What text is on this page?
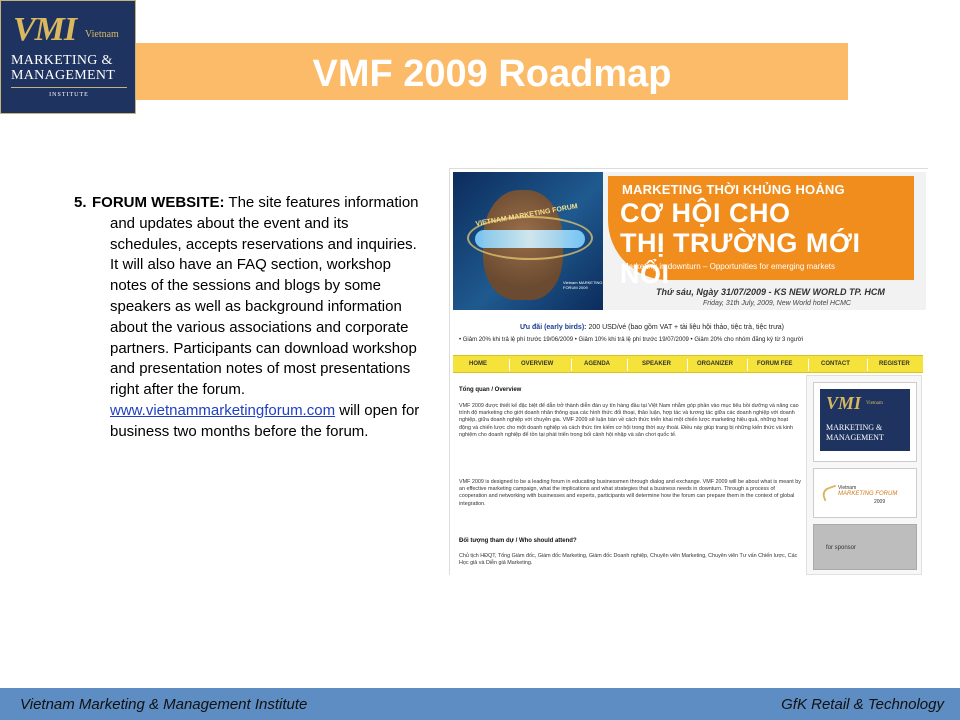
VMI Vietnam
MARKETING &
MANAGEMENT
INSTITUTE	VMF 2009 Roadmap
5. FORUM WEBSITE: The site features information and updates about the event and its schedules, accepts reservations and inquiries. It will also have an FAQ section, workshop notes of the sessions and blogs by some speakers as well as background information about the various associations and corporate partners. Participants can download workshop and presentation notes of most presentations right after the forum. www.vietnammarketingforum.com will open for business two months before the forum.
VIETNAM MARKETING FORUM
Vietnam MARKETING FORUM 2009
MARKETING THỜI KHỦNG HOẢNG
CƠ HỘI CHO
THỊ TRƯỜNG MỚI NỔI
Marketing in downturn – Opportunities for emerging markets
Thứ sáu, Ngày 31/07/2009 - KS NEW WORLD TP. HCM
Friday, 31th July, 2009, New World hotel HCMC
Ưu đãi (early birds): 200 USD/vé (bao gồm VAT + tài liệu hội thảo, tiệc trà, tiệc trưa)
• Giảm 20% khi trả lệ phí trước 19/06/2009 • Giảm 10% khi trả lệ phí trước 19/07/2009 • Giảm 20% cho nhóm đăng ký từ 3 người
HOME	OVERVIEW	AGENDA	SPEAKER	ORGANIZER	FORUM FEE	CONTACT	REGISTER
Tổng quan / Overview
VMF 2009 được thiết kế đặc biệt để dẫn trở thành diễn đàn uy tín hàng đầu tại Việt Nam nhằm góp phần vào mục tiêu bồi dưỡng và nâng cao trình độ marketing cho giới doanh nhân thông qua các hình thức đối thoại, thảo luận, hợp tác và tương tác giữa các doanh nghiệp với doanh nghiệp, giữa doanh nghiệp với chuyên gia. VMF 2009 sẽ luận bàn về cách thức triển khai một chiến lược marketing hiệu quả, những hoạt động và chiến lược cho một doanh nghiệp và cách thức tìm kiếm cơ hội trong thời suy thoái. Điều này giúp trang bị những kiến thức và kinh nghiệm cho doanh nghiệp để tồn tại phát triển trong bối cảnh hội nhập và sân chơi quốc tế.
VMF 2009 is designed to be a leading forum in educating businessmen through dialog and exchange. VMF 2009 will be about what is meant by an effective marketing campaign, what the implications and what strategies that a business needs in downturn. Through a process of cooperation and networking with businesses and experts, participants will determine how the forum can prepare them in the context of global integration.
Đối tượng tham dự / Who should attend?
Chủ tịch HĐQT, Tổng Giám đốc, Giám đốc Marketing, Giám đốc Doanh nghiệp, Chuyên viên Marketing, Chuyên viên Tư vấn Chiến lược, Các Học giả và Diễn giả Marketing.
VMI Vietnam
MARKETING &
MANAGEMENT
Vietnam
MARKETING FORUM
2009
for sponsor
Vietnam Marketing & Management Institute	GfK Retail & Technology
